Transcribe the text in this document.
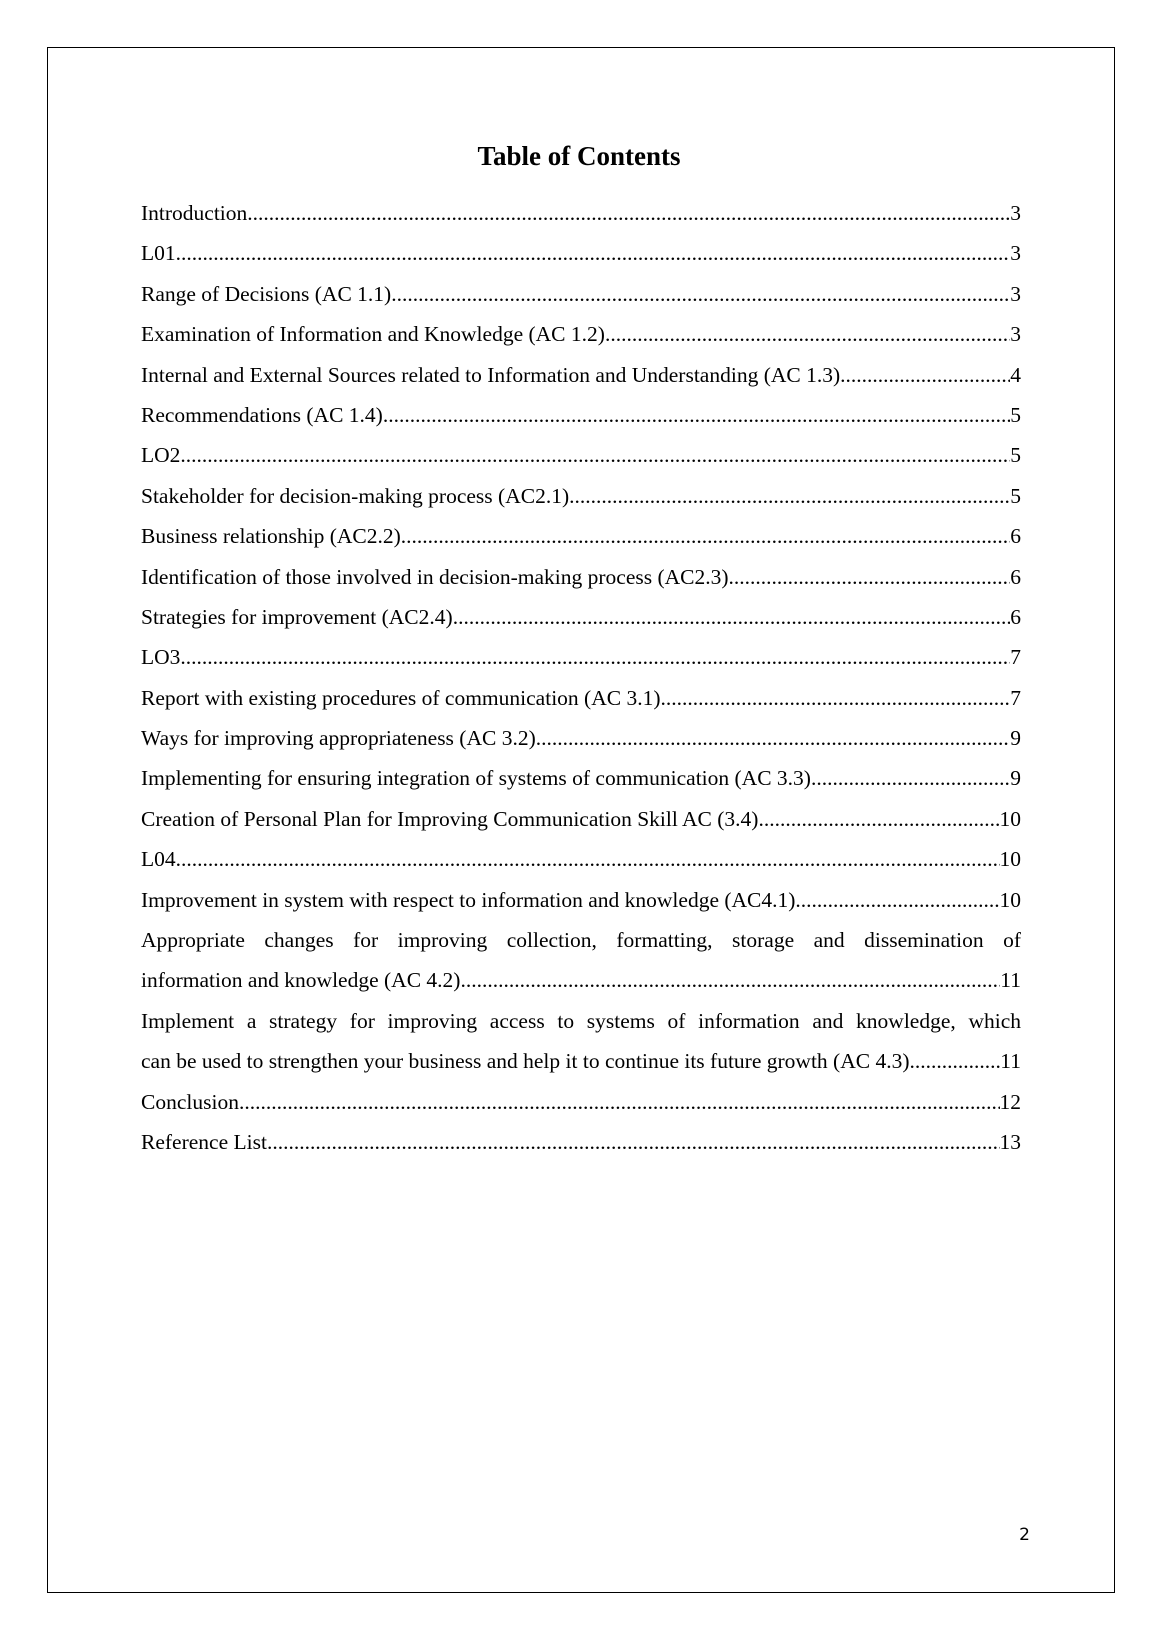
Table of Contents
Introduction .....	3
L01 .....	3
Range of Decisions (AC 1.1) .....	3
Examination of Information and Knowledge (AC 1.2) .....	3
Internal and External Sources related to Information and Understanding (AC 1.3) .....	4
Recommendations (AC 1.4) .....	5
LO2 .....	5
Stakeholder for decision-making process (AC2.1) .....	5
Business relationship (AC2.2) .....	6
Identification of those involved in decision-making process (AC2.3) .....	6
Strategies for improvement (AC2.4) .....	6
LO3 .....	7
Report with existing procedures of communication (AC 3.1) .....	7
Ways for improving appropriateness (AC 3.2) .....	9
Implementing for ensuring integration of systems of communication (AC 3.3) .....	9
Creation of Personal Plan for Improving Communication Skill AC (3.4) .....	10
L04 .....	10
Improvement in system with respect to information and knowledge (AC4.1) .....	10
Appropriate changes for improving collection, formatting, storage and dissemination of
information and knowledge (AC 4.2) .....	11
Implement a strategy for improving access to systems of information and knowledge, which
can be used to strengthen your business and help it to continue its future growth (AC 4.3) .....	11
Conclusion .....	12
Reference List .....	13
2
